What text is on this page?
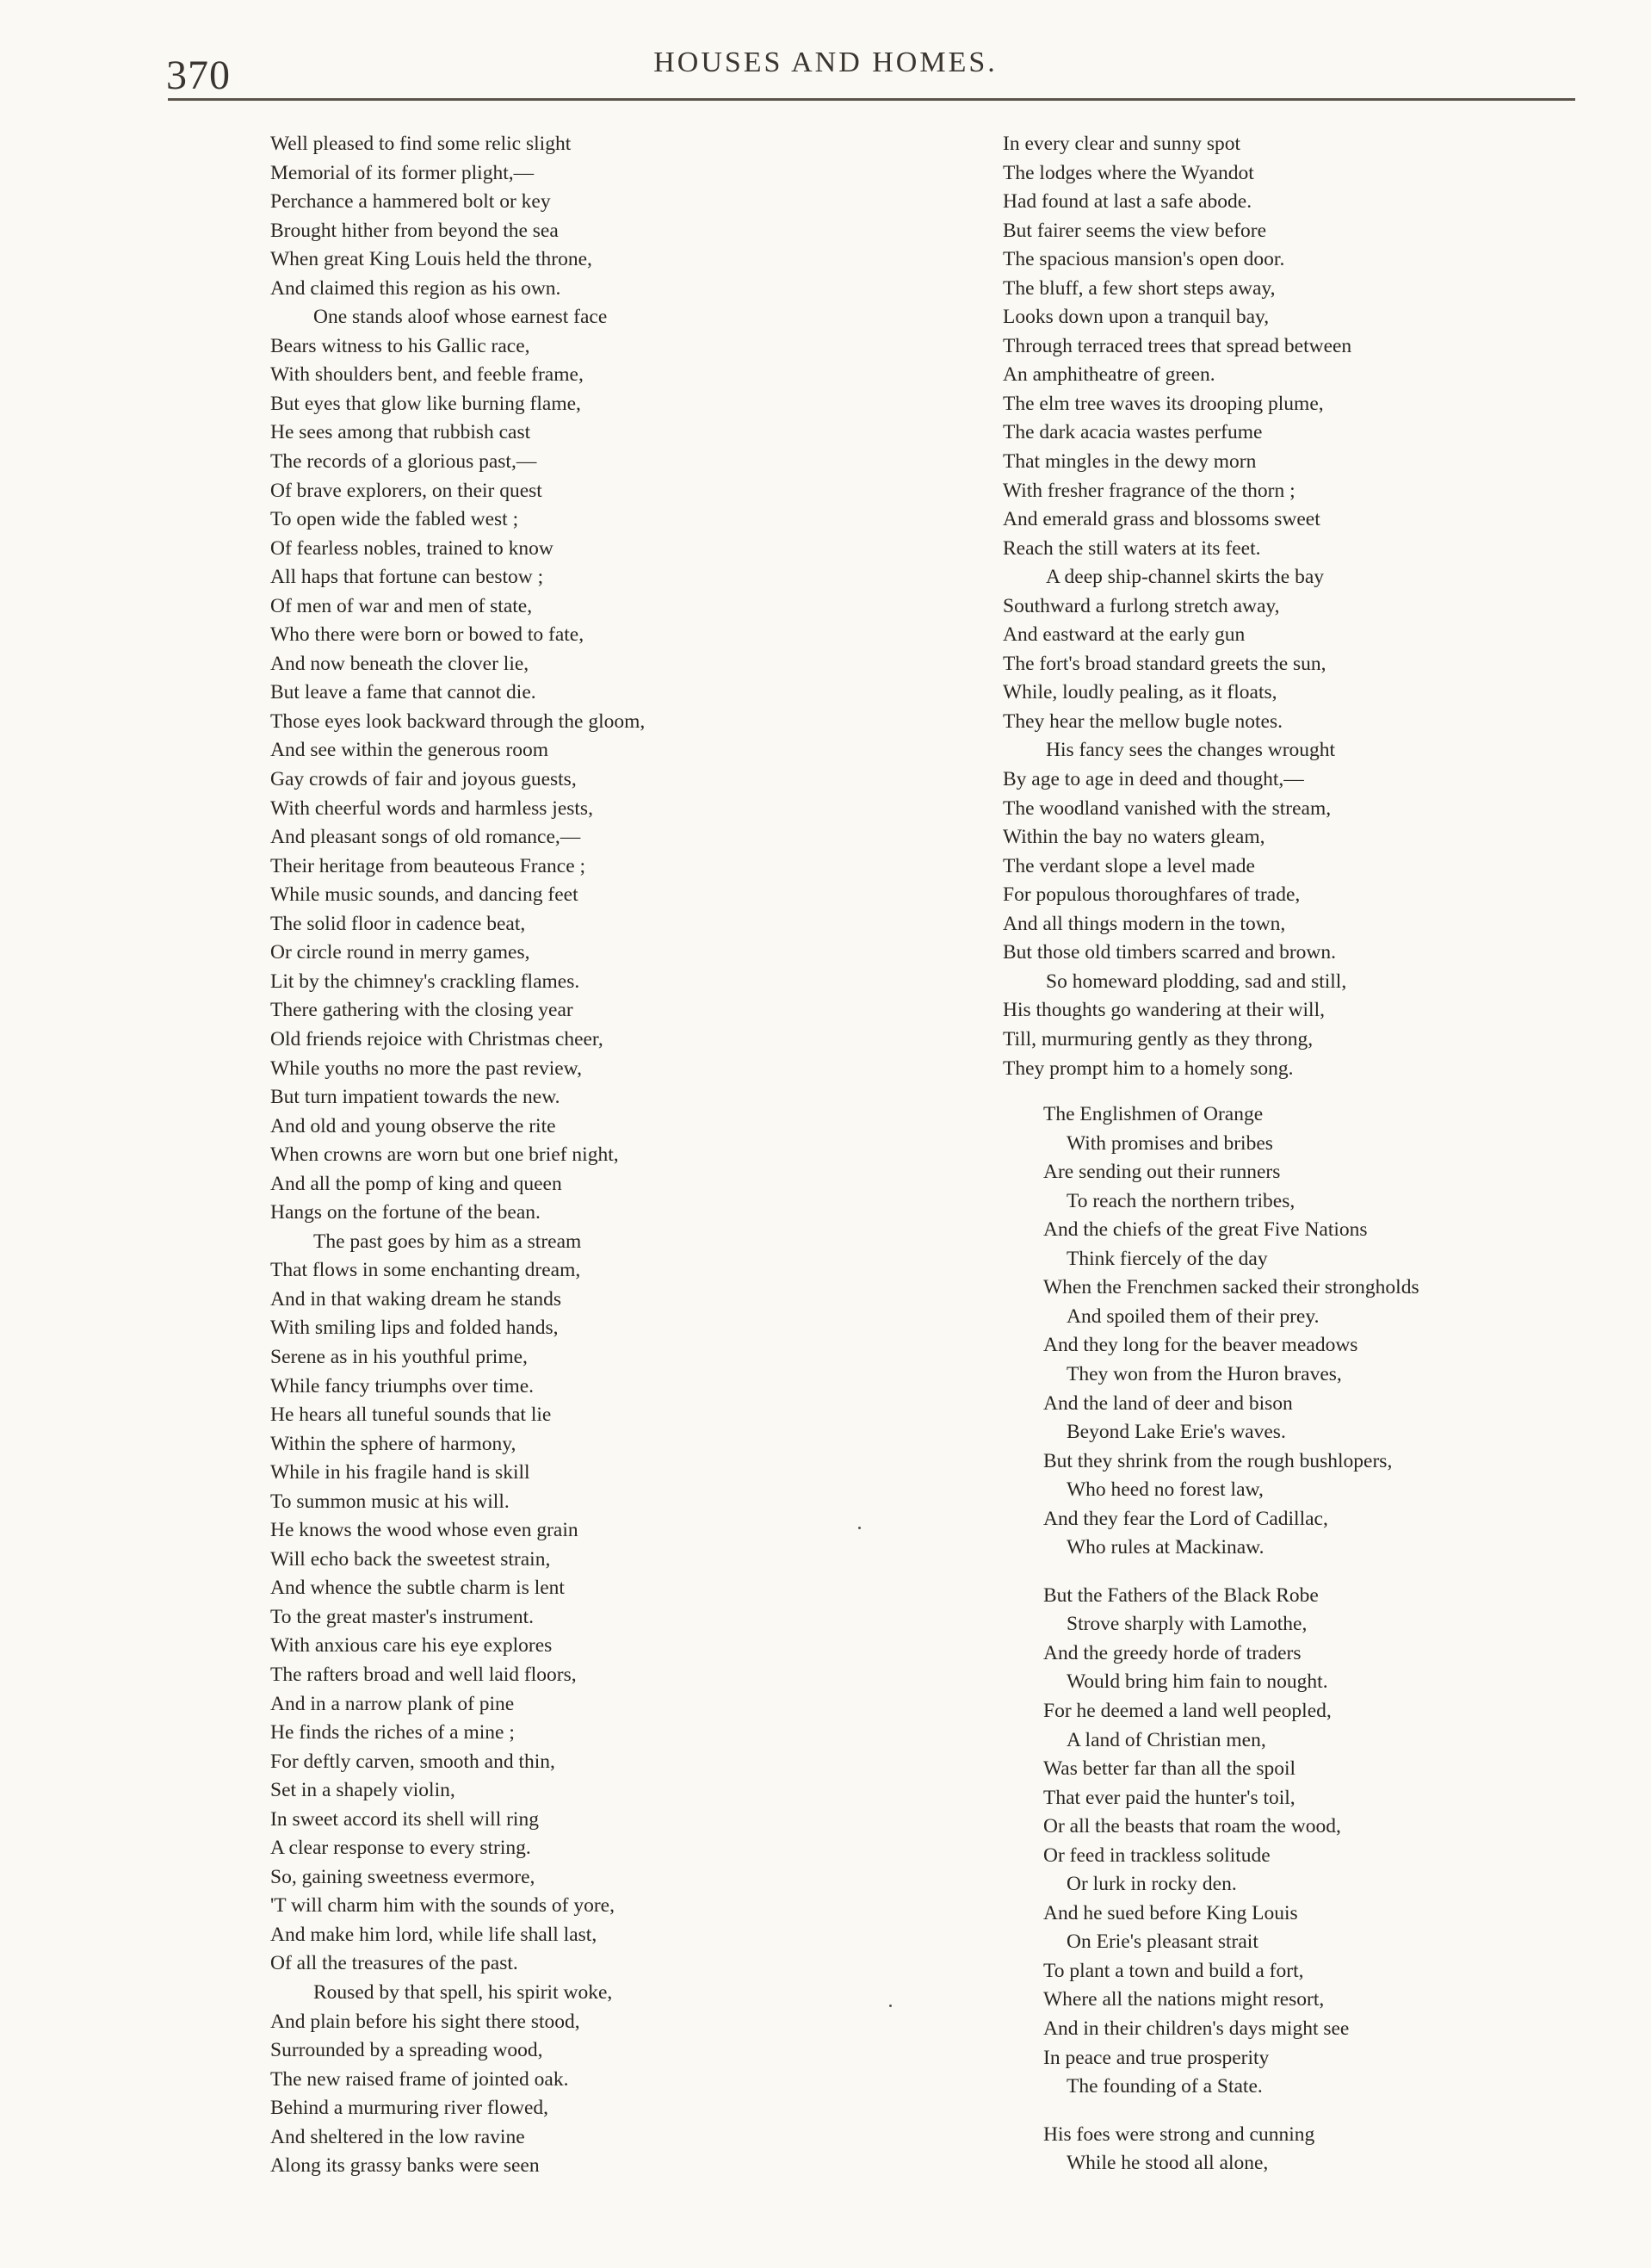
370	HOUSES AND HOMES.
Well pleased to find some relic slight
Memorial of its former plight,—
Perchance a hammered bolt or key
Brought hither from beyond the sea
When great King Louis held the throne,
And claimed this region as his own.
One stands aloof whose earnest face
Bears witness to his Gallic race,
With shoulders bent, and feeble frame,
But eyes that glow like burning flame,
He sees among that rubbish cast
The records of a glorious past,—
Of brave explorers, on their quest
To open wide the fabled west ;
Of fearless nobles, trained to know
All haps that fortune can bestow ;
Of men of war and men of state,
Who there were born or bowed to fate,
And now beneath the clover lie,
But leave a fame that cannot die.
Those eyes look backward through the gloom,
And see within the generous room
Gay crowds of fair and joyous guests,
With cheerful words and harmless jests,
And pleasant songs of old romance,—
Their heritage from beauteous France ;
While music sounds, and dancing feet
The solid floor in cadence beat,
Or circle round in merry games,
Lit by the chimney's crackling flames.
There gathering with the closing year
Old friends rejoice with Christmas cheer,
While youths no more the past review,
But turn impatient towards the new.
And old and young observe the rite
When crowns are worn but one brief night,
And all the pomp of king and queen
Hangs on the fortune of the bean.
The past goes by him as a stream
That flows in some enchanting dream,
And in that waking dream he stands
With smiling lips and folded hands,
Serene as in his youthful prime,
While fancy triumphs over time.
He hears all tuneful sounds that lie
Within the sphere of harmony,
While in his fragile hand is skill
To summon music at his will.
He knows the wood whose even grain
Will echo back the sweetest strain,
And whence the subtle charm is lent
To the great master's instrument.
With anxious care his eye explores
The rafters broad and well laid floors,
And in a narrow plank of pine
He finds the riches of a mine ;
For deftly carven, smooth and thin,
Set in a shapely violin,
In sweet accord its shell will ring
A clear response to every string.
So, gaining sweetness evermore,
'T will charm him with the sounds of yore,
And make him lord, while life shall last,
Of all the treasures of the past.
Roused by that spell, his spirit woke,
And plain before his sight there stood,
Surrounded by a spreading wood,
The new raised frame of jointed oak.
Behind a murmuring river flowed,
And sheltered in the low ravine
Along its grassy banks were seen
In every clear and sunny spot
The lodges where the Wyandot
Had found at last a safe abode.
But fairer seems the view before
The spacious mansion's open door.
The bluff, a few short steps away,
Looks down upon a tranquil bay,
Through terraced trees that spread between
An amphitheatre of green.
The elm tree waves its drooping plume,
The dark acacia wastes perfume
That mingles in the dewy morn
With fresher fragrance of the thorn ;
And emerald grass and blossoms sweet
Reach the still waters at its feet.
A deep ship-channel skirts the bay
Southward a furlong stretch away,
And eastward at the early gun
The fort's broad standard greets the sun,
While, loudly pealing, as it floats,
They hear the mellow bugle notes.
His fancy sees the changes wrought
By age to age in deed and thought,—
The woodland vanished with the stream,
Within the bay no waters gleam,
The verdant slope a level made
For populous thoroughfares of trade,
And all things modern in the town,
But those old timbers scarred and brown.
So homeward plodding, sad and still,
His thoughts go wandering at their will,
Till, murmuring gently as they throng,
They prompt him to a homely song.
The Englishmen of Orange
With promises and bribes
Are sending out their runners
To reach the northern tribes,
And the chiefs of the great Five Nations
Think fiercely of the day
When the Frenchmen sacked their strongholds
And spoiled them of their prey.
And they long for the beaver meadows
They won from the Huron braves,
And the land of deer and bison
Beyond Lake Erie's waves.
But they shrink from the rough bushlopers,
Who heed no forest law,
And they fear the Lord of Cadillac,
Who rules at Mackinaw.
But the Fathers of the Black Robe
Strove sharply with Lamothe,
And the greedy horde of traders
Would bring him fain to nought.
For he deemed a land well peopled,
A land of Christian men,
Was better far than all the spoil
That ever paid the hunter's toil,
Or all the beasts that roam the wood,
Or feed in trackless solitude
Or lurk in rocky den.
And he sued before King Louis
On Erie's pleasant strait
To plant a town and build a fort,
Where all the nations might resort,
And in their children's days might see
In peace and true prosperity
The founding of a State.
His foes were strong and cunning
While he stood all alone,
